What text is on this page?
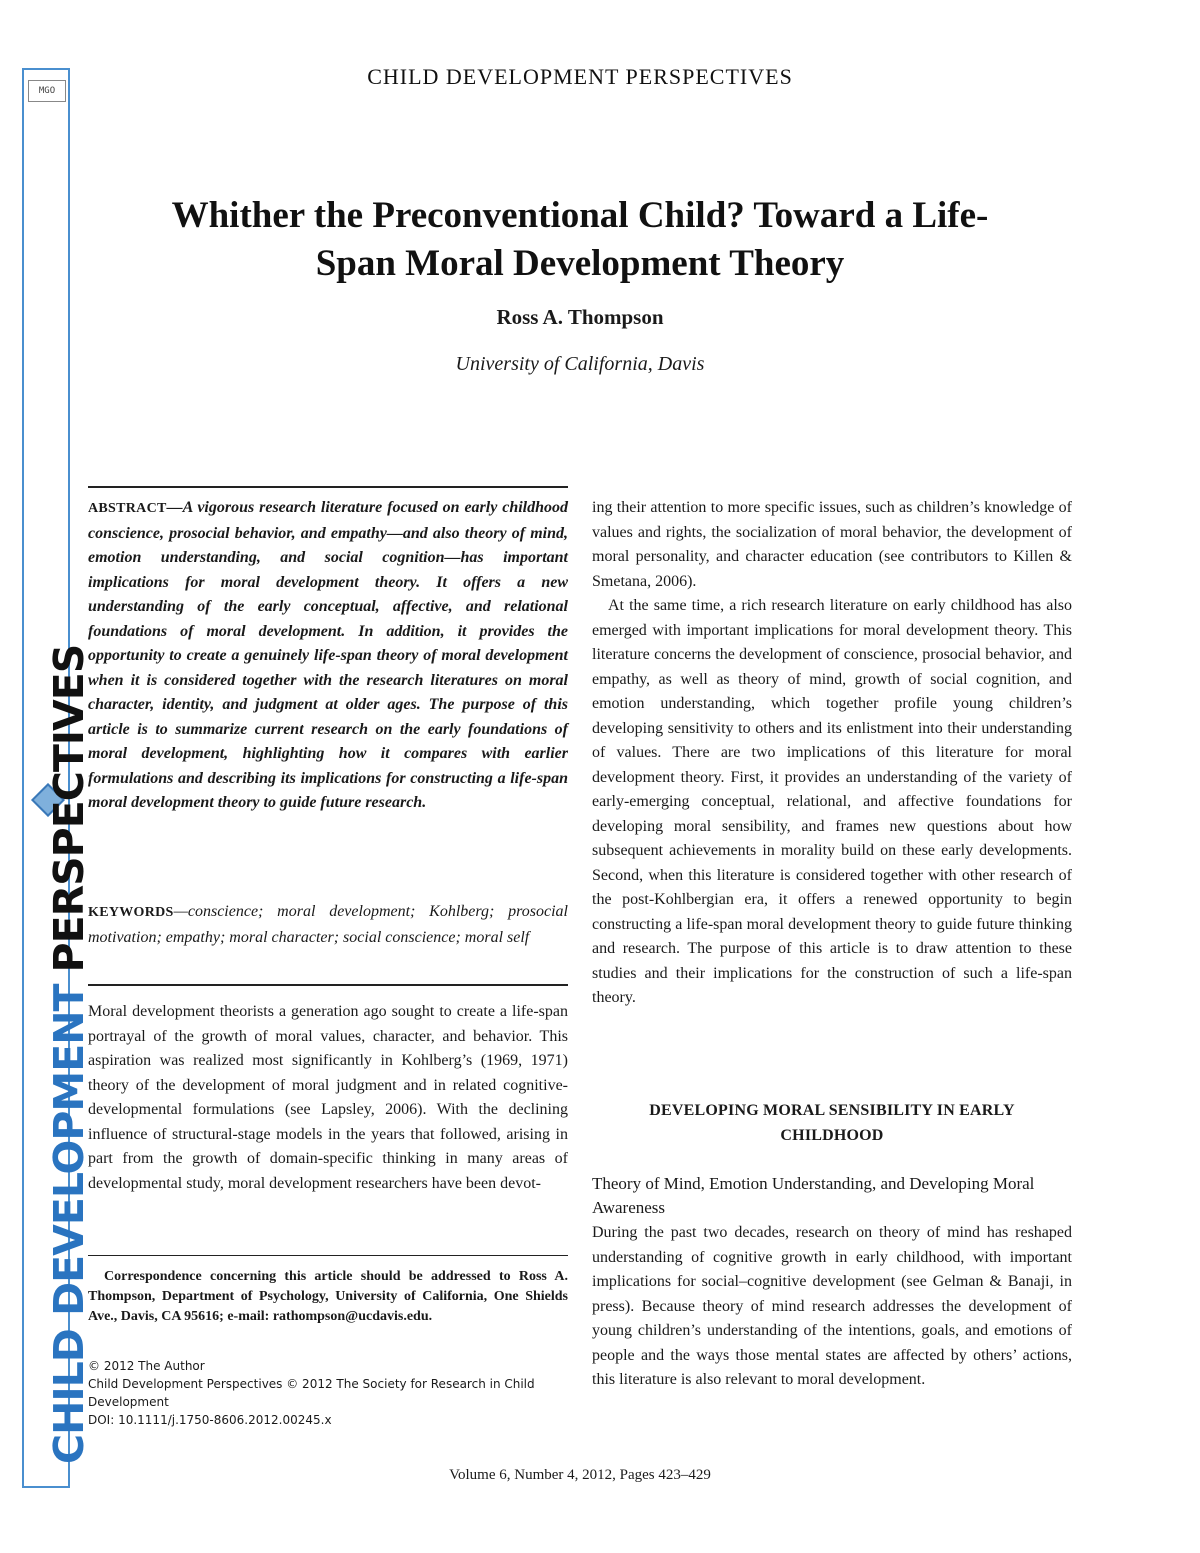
MGO
CHILD DEVELOPMENTPERSPECTIVES
CHILD DEVELOPMENT PERSPECTIVES
Whither the Preconventional Child? Toward a Life-
Span Moral Development Theory
Ross A. Thompson
University of California, Davis

ABSTRACT—A vigorous research literature focused on early childhood conscience, prosocial behavior, and empathy—and also theory of mind, emotion understanding, and social cognition—has important implications for moral development theory. It offers a new understanding of the early conceptual, affective, and relational foundations of moral development. In addition, it provides the opportunity to create a genuinely life-span theory of moral development when it is considered together with the research literatures on moral character, identity, and judgment at older ages. The purpose of this article is to summarize current research on the early foundations of moral development, highlighting how it compares with earlier formulations and describing its implications for constructing a life-span moral development theory to guide future research.

KEYWORDS—conscience; moral development; Kohlberg; prosocial motivation; empathy; moral character; social conscience; moral self

Moral development theorists a generation ago sought to create a life-span portrayal of the growth of moral values, character, and behavior. This aspiration was realized most significantly in Kohlberg’s (1969, 1971) theory of the development of moral judgment and in related cognitive-developmental formulations (see Lapsley, 2006). With the declining influence of structural-stage models in the years that followed, arising in part from the growth of domain-specific thinking in many areas of developmental study, moral development researchers have been devot-

Correspondence concerning this article should be addressed to Ross A. Thompson, Department of Psychology, University of California, One Shields Ave., Davis, CA 95616; e-mail: rathompson@ucdavis.edu.

© 2012 The Author
Child Development Perspectives © 2012 The Society for Research in Child Development
DOI: 10.1111/j.1750-8606.2012.00245.x

ing their attention to more specific issues, such as children’s knowledge of values and rights, the socialization of moral behavior, the development of moral personality, and character education (see contributors to Killen & Smetana, 2006).

At the same time, a rich research literature on early childhood has also emerged with important implications for moral development theory. This literature concerns the development of conscience, prosocial behavior, and empathy, as well as theory of mind, growth of social cognition, and emotion understanding, which together profile young children’s developing sensitivity to others and its enlistment into their understanding of values. There are two implications of this literature for moral development theory. First, it provides an understanding of the variety of early-emerging conceptual, relational, and affective foundations for developing moral sensibility, and frames new questions about how subsequent achievements in morality build on these early developments. Second, when this literature is considered together with other research of the post-Kohlbergian era, it offers a renewed opportunity to begin constructing a life-span moral development theory to guide future thinking and research. The purpose of this article is to draw attention to these studies and their implications for the construction of such a life-span theory.

DEVELOPING MORAL SENSIBILITY IN EARLY
CHILDHOOD
Theory of Mind, Emotion Understanding, and Developing Moral Awareness

During the past two decades, research on theory of mind has reshaped understanding of cognitive growth in early childhood, with important implications for social–cognitive development (see Gelman & Banaji, in press). Because theory of mind research addresses the development of young children’s understanding of the intentions, goals, and emotions of people and the ways those mental states are affected by others’ actions, this literature is also relevant to moral development.

Volume 6, Number 4, 2012, Pages 423–429
